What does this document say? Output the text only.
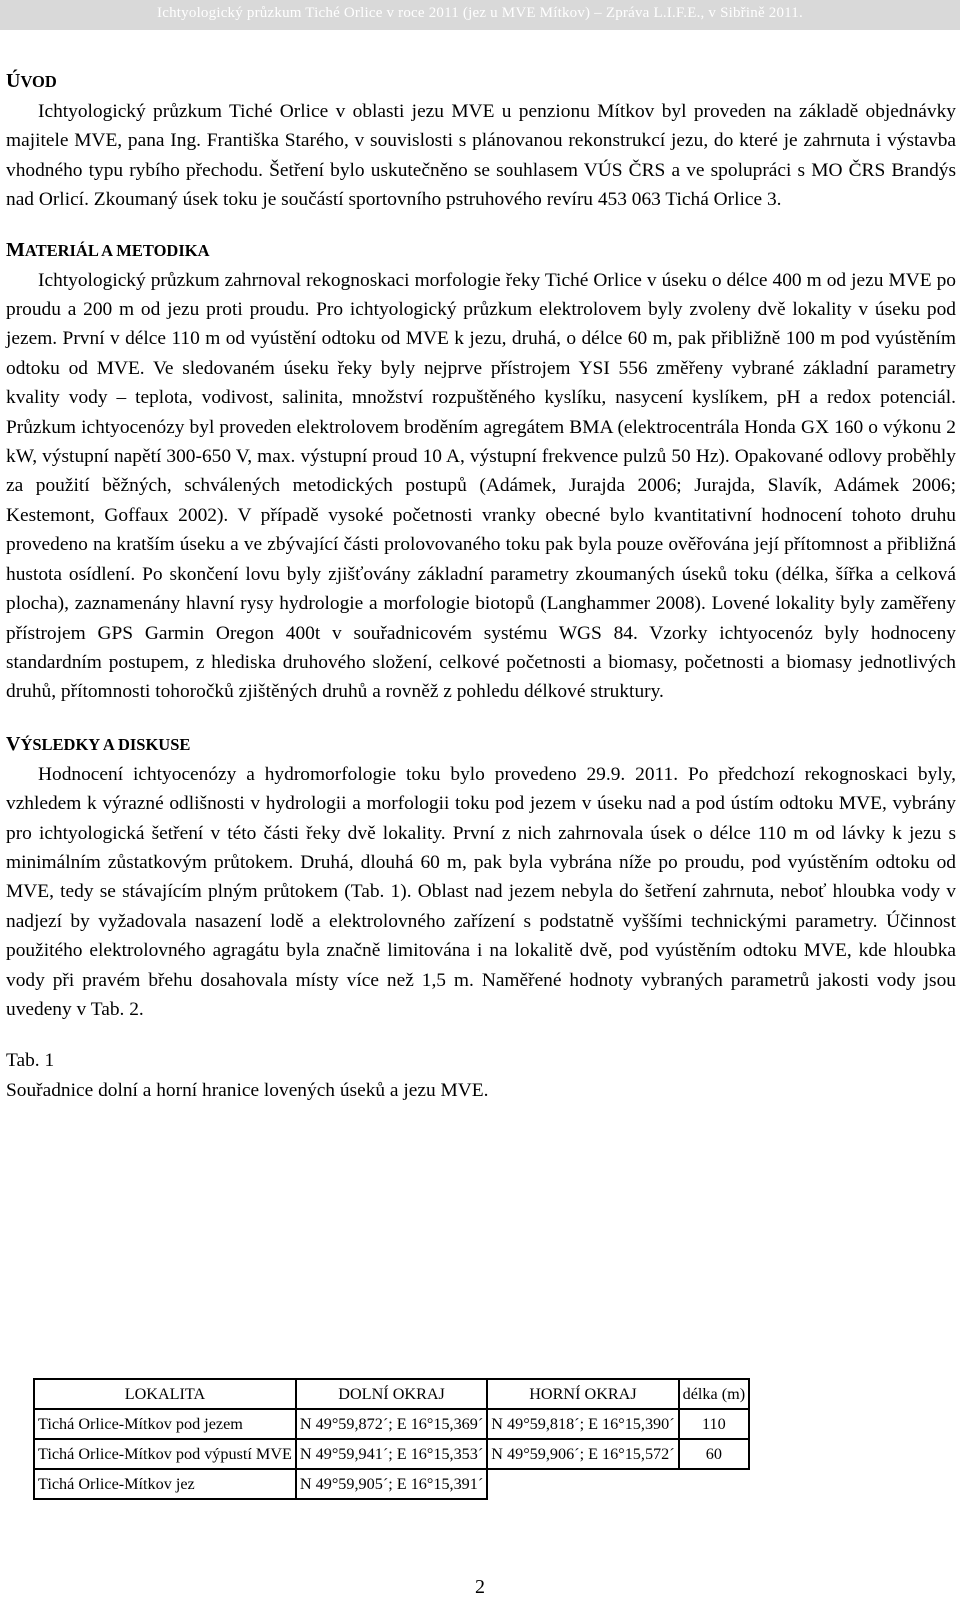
Ichtyologický průzkum Tiché Orlice v roce 2011 (jez u MVE Mítkov) – Zpráva L.I.F.E., v Sibřině 2011.
ÚVOD

Ichtyologický průzkum Tiché Orlice v oblasti jezu MVE u penzionu Mítkov byl proveden na základě objednávky majitele MVE, pana Ing. Františka Starého, v souvislosti s plánovanou rekonstrukcí jezu, do které je zahrnuta i výstavba vhodného typu rybího přechodu. Šetření bylo uskutečněno se souhlasem VÚS ČRS a ve spolupráci s MO ČRS Brandýs nad Orlicí. Zkoumaný úsek toku je součástí sportovního pstruhového revíru 453 063 Tichá Orlice 3.

MATERIÁL A METODIKA

Ichtyologický průzkum zahrnoval rekognoskaci morfologie řeky Tiché Orlice v úseku o délce 400 m od jezu MVE po proudu a 200 m od jezu proti proudu. Pro ichtyologický průzkum elektrolovem byly zvoleny dvě lokality v úseku pod jezem. První v délce 110 m od vyústění odtoku od MVE k jezu, druhá, o délce 60 m, pak přibližně 100 m pod vyústěním odtoku od MVE. Ve sledovaném úseku řeky byly nejprve přístrojem YSI 556 změřeny vybrané základní parametry kvality vody – teplota, vodivost, salinita, množství rozpuštěného kyslíku, nasycení kyslíkem, pH a redox potenciál. Průzkum ichtyocenózy byl proveden elektrolovem broděním agregátem BMA (elektrocentrála Honda GX 160 o výkonu 2 kW, výstupní napětí 300-650 V, max. výstupní proud 10 A, výstupní frekvence pulzů 50 Hz). Opakované odlovy proběhly za použití běžných, schválených metodických postupů (Adámek, Jurajda 2006; Jurajda, Slavík, Adámek 2006; Kestemont, Goffaux 2002). V případě vysoké početnosti vranky obecné bylo kvantitativní hodnocení tohoto druhu provedeno na kratším úseku a ve zbývající části prolovovaného toku pak byla pouze ověřována její přítomnost a přibližná hustota osídlení. Po skončení lovu byly zjišťovány základní parametry zkoumaných úseků toku (délka, šířka a celková plocha), zaznamenány hlavní rysy hydrologie a morfologie biotopů (Langhammer 2008). Lovené lokality byly zaměřeny přístrojem GPS Garmin Oregon 400t v souřadnicovém systému WGS 84. Vzorky ichtyocenóz byly hodnoceny standardním postupem, z hlediska druhového složení, celkové početnosti a biomasy, početnosti a biomasy jednotlivých druhů, přítomnosti tohoročků zjištěných druhů a rovněž z pohledu délkové struktury.

VÝSLEDKY A DISKUSE

Hodnocení ichtyocenózy a hydromorfologie toku bylo provedeno 29.9. 2011. Po předchozí rekognoskaci byly, vzhledem k výrazné odlišnosti v hydrologii a morfologii toku pod jezem v úseku nad a pod ústím odtoku MVE, vybrány pro ichtyologická šetření v této části řeky dvě lokality. První z nich zahrnovala úsek o délce 110 m od lávky k jezu s minimálním zůstatkovým průtokem. Druhá, dlouhá 60 m, pak byla vybrána níže po proudu, pod vyústěním odtoku od MVE, tedy se stávajícím plným průtokem (Tab. 1). Oblast nad jezem nebyla do šetření zahrnuta, neboť hloubka vody v nadjezí by vyžadovala nasazení lodě a elektrolovného zařízení s podstatně vyššími technickými parametry. Účinnost použitého elektrolovného agragátu byla značně limitována i na lokalitě dvě, pod vyústěním odtoku MVE, kde hloubka vody při pravém břehu dosahovala místy více než 1,5 m. Naměřené hodnoty vybraných parametrů jakosti vody jsou uvedeny v Tab. 2.

Tab. 1
Souřadnice dolní a horní hranice lovených úseků a jezu MVE.
LOKALITA	DOLNÍ OKRAJ	HORNÍ OKRAJ	délka (m)
Tichá Orlice-Mítkov pod jezem	N 49°59,872´; E 16°15,369´	N 49°59,818´; E 16°15,390´	110
Tichá Orlice-Mítkov pod výpustí MVE	N 49°59,941´; E 16°15,353´	N 49°59,906´; E 16°15,572´	60
Tichá Orlice-Mítkov jez	N 49°59,905´; E 16°15,391´		
2
